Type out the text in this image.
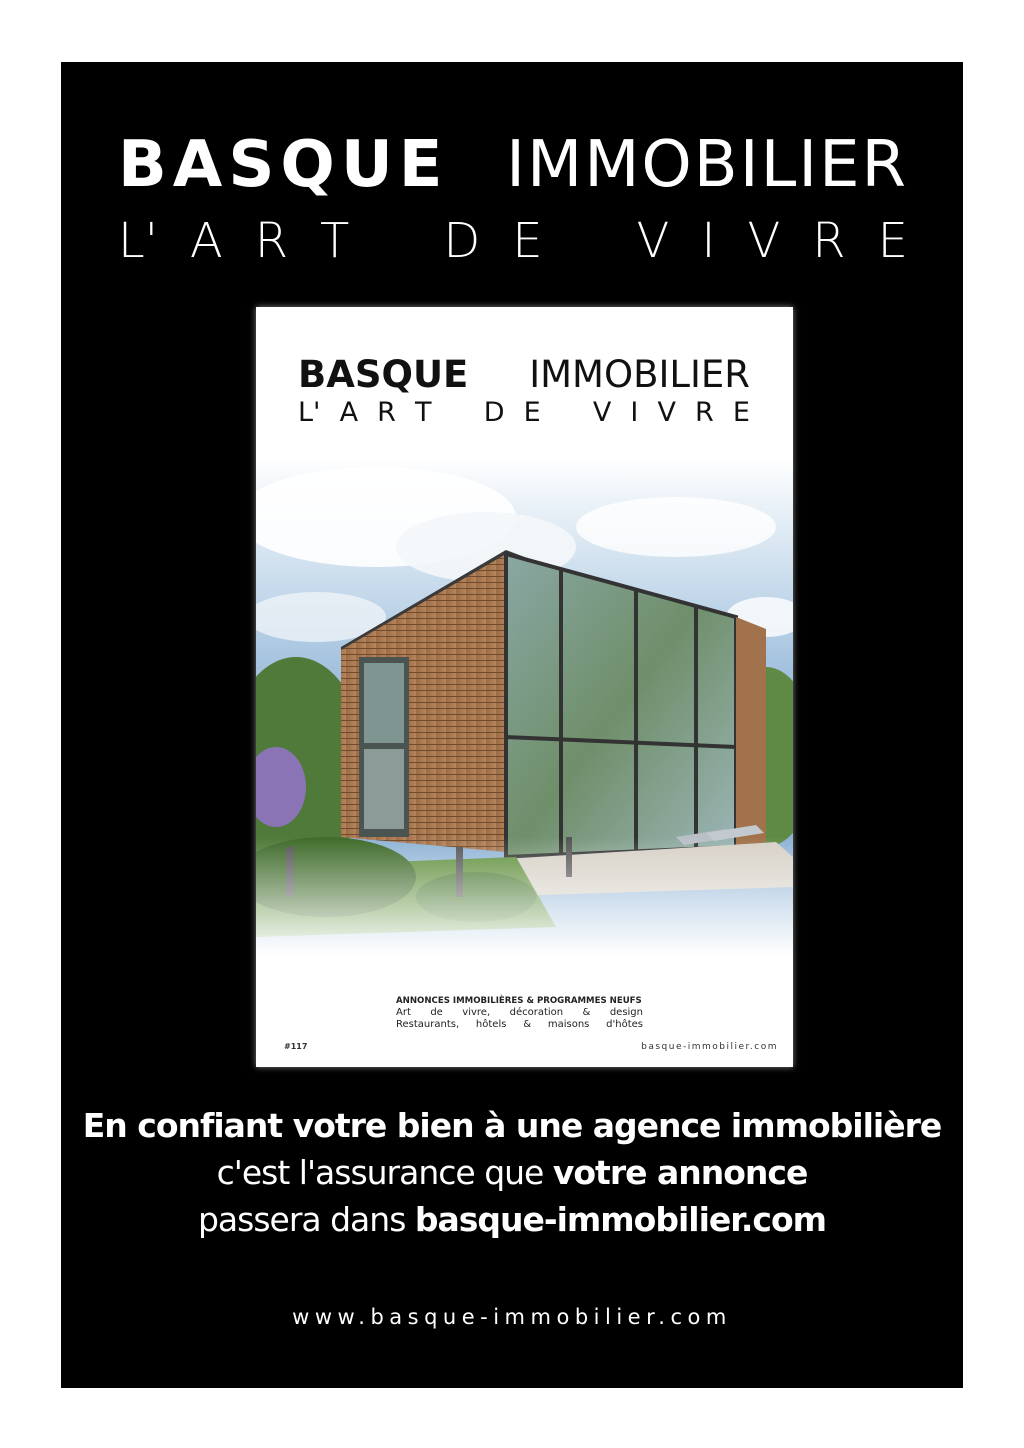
BASQUE IMMOBILIER
L' A R T D E V I V R E
BASQUE IMMOBILIER
L' A R T D E V I V R E
ANNONCES IMMOBILIÈRES & PROGRAMMES NEUFS
Art de vivre, décoration & design
Restaurants, hôtels & maisons d'hôtes
#117	basque-immobilier.com
En confiant votre bien à une agence immobilière
c'est l'assurance que votre annonce
passera dans basque-immobilier.com
www.basque-immobilier.com
